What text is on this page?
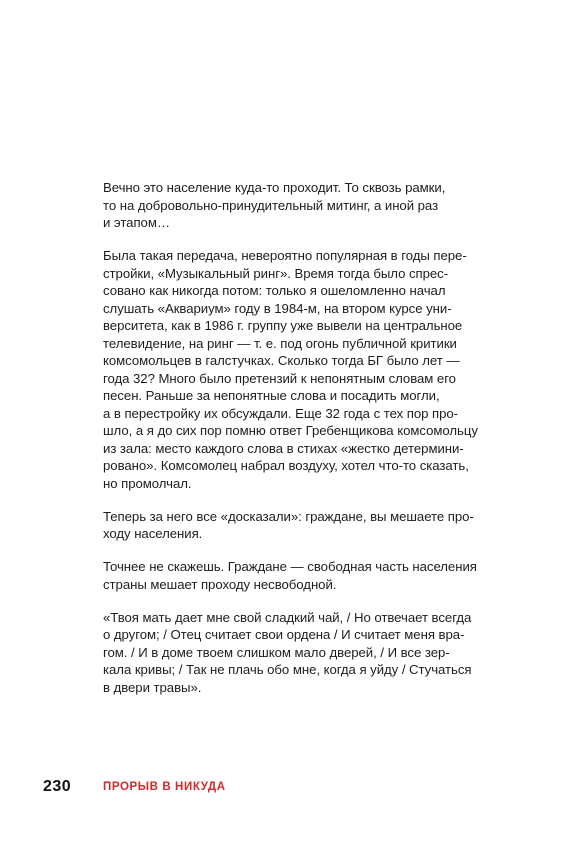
Вечно это население куда-то проходит. То сквозь рамки,
то на добровольно-принудительный митинг, а иной раз
и этапом…

Была такая передача, невероятно популярная в годы пере-
стройки, «Музыкальный ринг». Время тогда было спрес-
совано как никогда потом: только я ошеломленно начал
слушать «Аквариум» году в 1984-м, на втором курсе уни-
верситета, как в 1986 г. группу уже вывели на центральное
телевидение, на ринг — т. е. под огонь публичной критики
комсомольцев в галстучках. Сколько тогда БГ было лет —
года 32? Много было претензий к непонятным словам его
песен. Раньше за непонятные слова и посадить могли,
а в перестройку их обсуждали. Еще 32 года с тех пор про-
шло, а я до сих пор помню ответ Гребенщикова комсомольцу
из зала: место каждого слова в стихах «жестко детермини-
ровано». Комсомолец набрал воздуху, хотел что-то сказать,
но промолчал.

Теперь за него все «досказали»: граждане, вы мешаете про-
ходу населения.

Точнее не скажешь. Граждане — свободная часть населения
страны мешает проходу несвободной.

«Твоя мать дает мне свой сладкий чай, / Но отвечает всегда
о другом; / Отец считает свои ордена / И считает меня вра-
гом. / И в доме твоем слишком мало дверей, / И все зер-
кала кривы; / Так не плачь обо мне, когда я уйду / Стучаться
в двери травы».

230	ПРОРЫВ В НИКУДА
